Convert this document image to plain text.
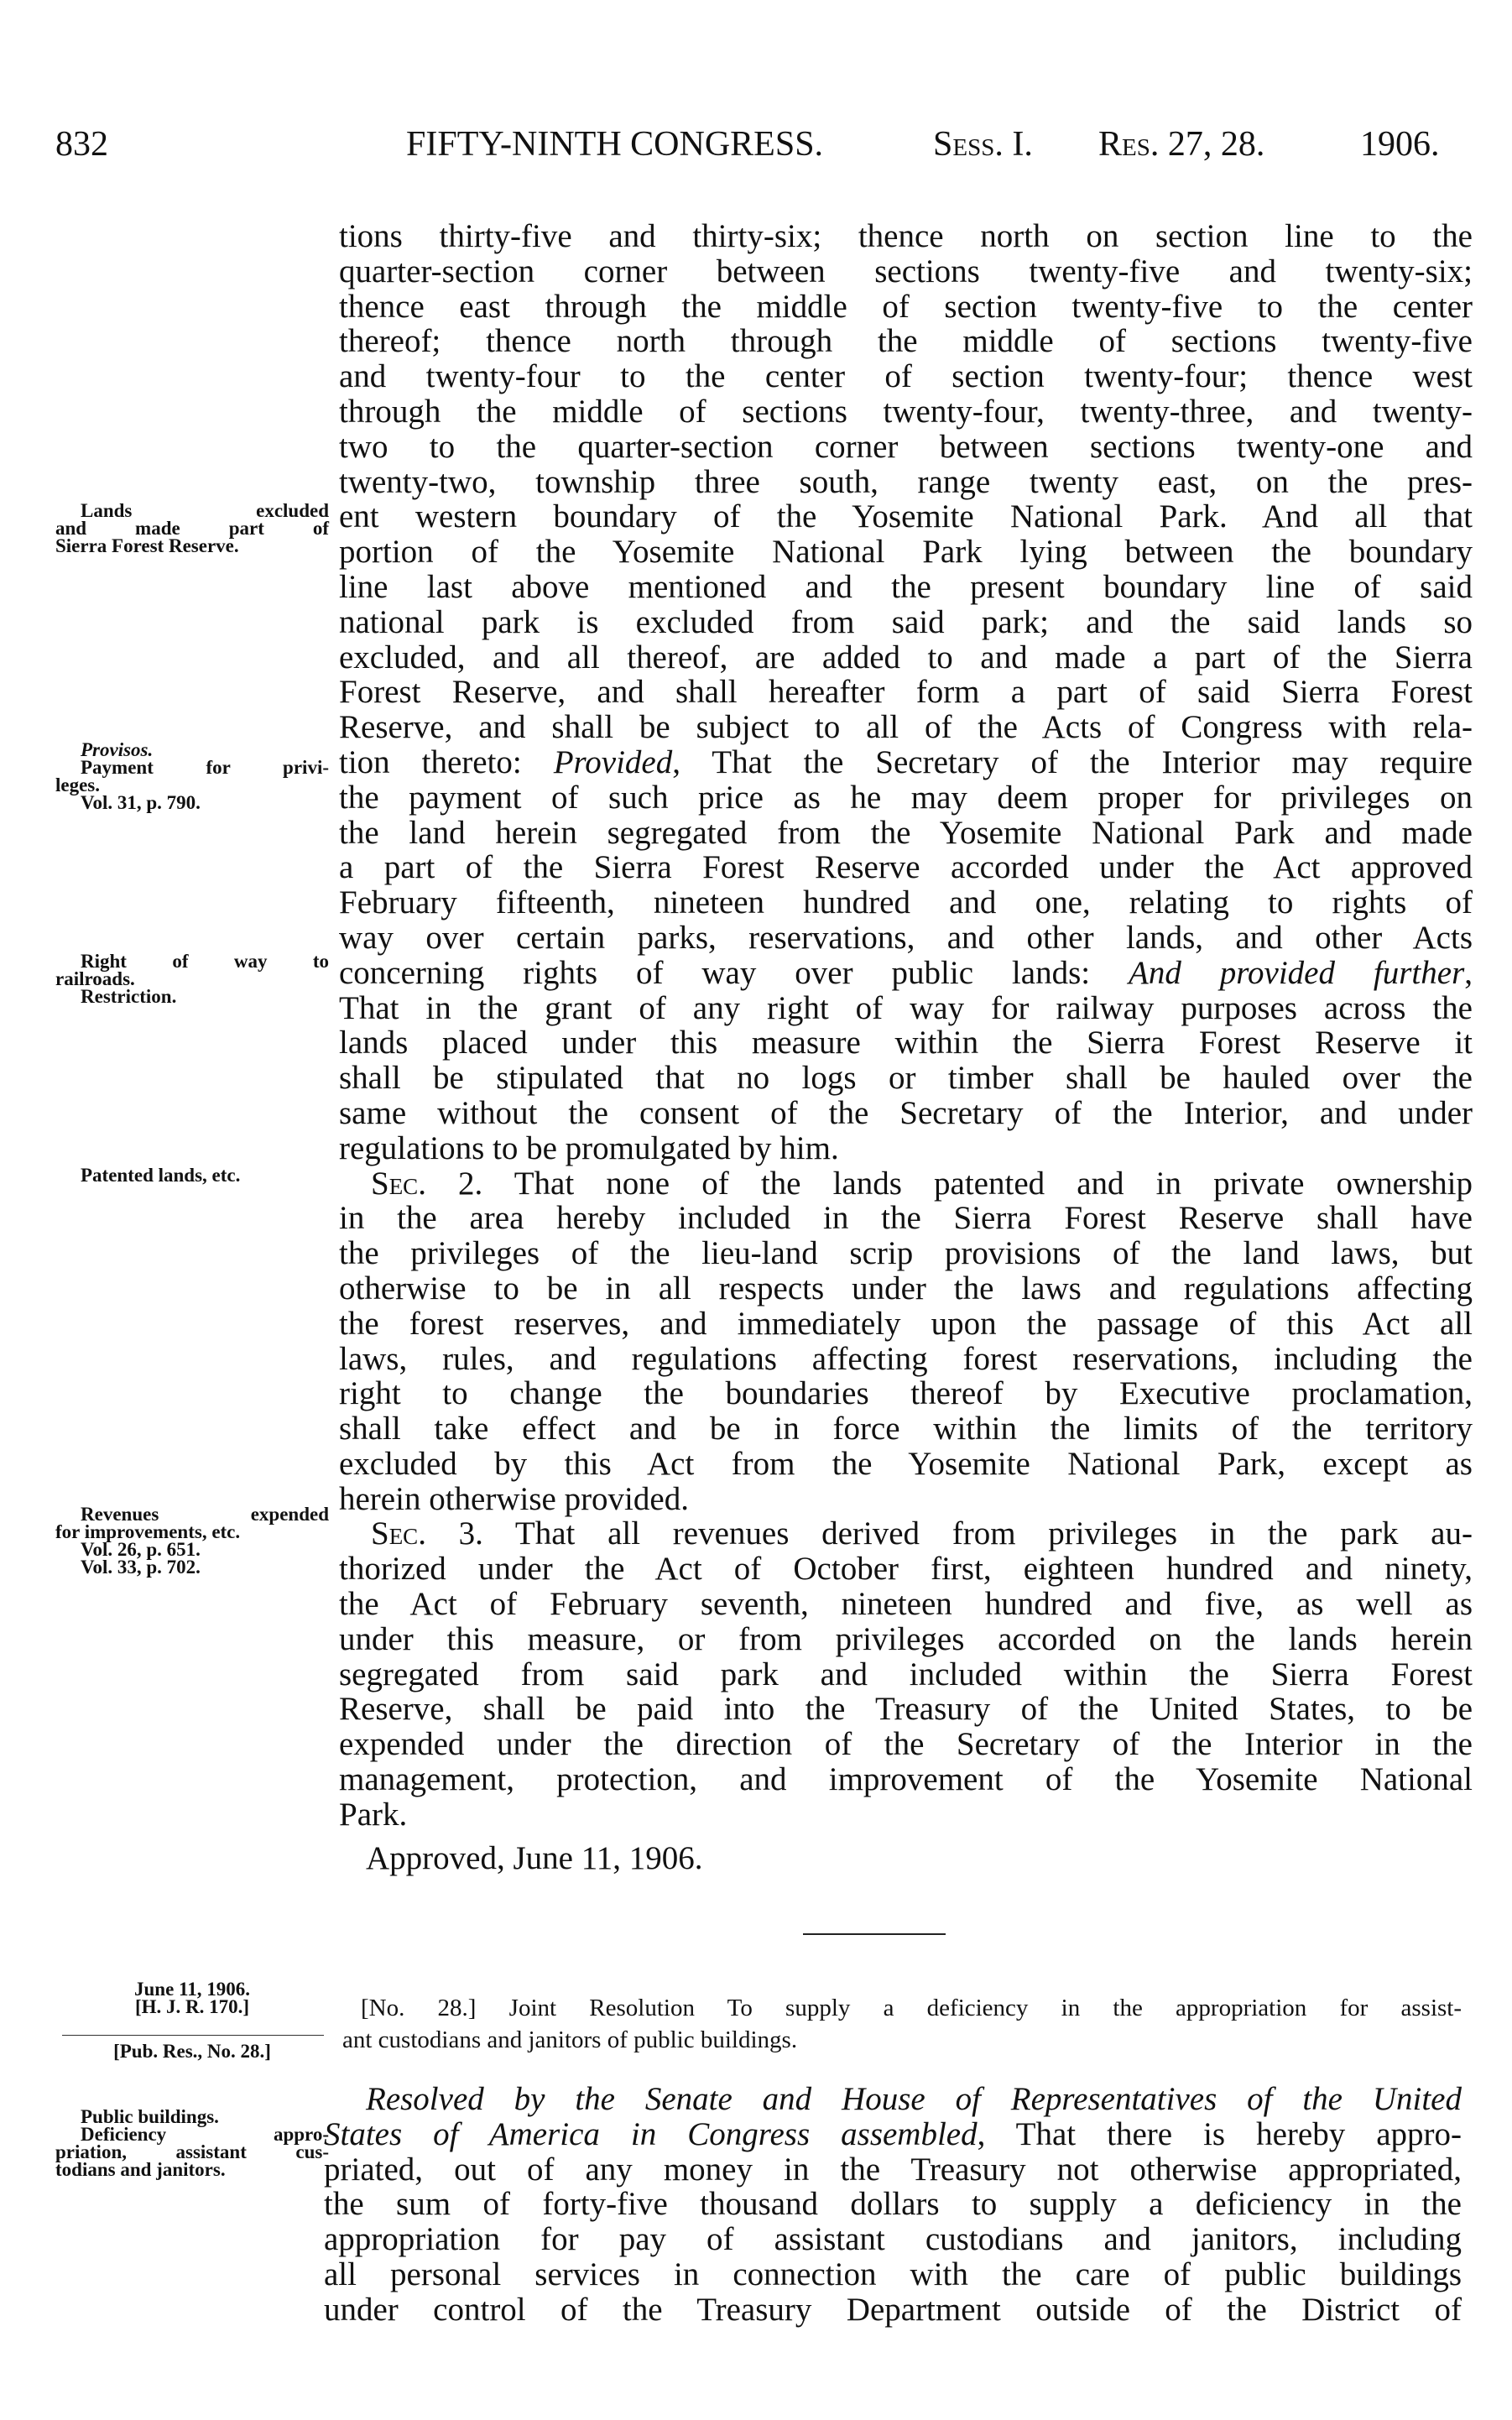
832	FIFTY-NINTH CONGRESS.	Sess. I. Res. 27, 28.	1906.
tions thirty-five and thirty-six; thence north on section line to the
quarter-section corner between sections twenty-five and twenty-six;
thence east through the middle of section twenty-five to the center
thereof; thence north through the middle of sections twenty-five
and twenty-four to the center of section twenty-four; thence west
through the middle of sections twenty-four, twenty-three, and twenty-
two to the quarter-section corner between sections twenty-one and
twenty-two, township three south, range twenty east, on the pres-
ent western boundary of the Yosemite National Park. And all that
portion of the Yosemite National Park lying between the boundary
line last above mentioned and the present boundary line of said
national park is excluded from said park; and the said lands so
excluded, and all thereof, are added to and made a part of the Sierra
Forest Reserve, and shall hereafter form a part of said Sierra Forest
Reserve, and shall be subject to all of the Acts of Congress with rela-
tion thereto: Provided, That the Secretary of the Interior may require
the payment of such price as he may deem proper for privileges on
the land herein segregated from the Yosemite National Park and made
a part of the Sierra Forest Reserve accorded under the Act approved
February fifteenth, nineteen hundred and one, relating to rights of
way over certain parks, reservations, and other lands, and other Acts
concerning rights of way over public lands: And provided further,
That in the grant of any right of way for railway purposes across the
lands placed under this measure within the Sierra Forest Reserve it
shall be stipulated that no logs or timber shall be hauled over the
same without the consent of the Secretary of the Interior, and under
regulations to be promulgated by him.
Sec. 2. That none of the lands patented and in private ownership
in the area hereby included in the Sierra Forest Reserve shall have
the privileges of the lieu-land scrip provisions of the land laws, but
otherwise to be in all respects under the laws and regulations affecting
the forest reserves, and immediately upon the passage of this Act all
laws, rules, and regulations affecting forest reservations, including the
right to change the boundaries thereof by Executive proclamation,
shall take effect and be in force within the limits of the territory
excluded by this Act from the Yosemite National Park, except as
herein otherwise provided.
Sec. 3. That all revenues derived from privileges in the park au-
thorized under the Act of October first, eighteen hundred and ninety,
the Act of February seventh, nineteen hundred and five, as well as
under this measure, or from privileges accorded on the lands herein
segregated from said park and included within the Sierra Forest
Reserve, shall be paid into the Treasury of the United States, to be
expended under the direction of the Secretary of the Interior in the
management, protection, and improvement of the Yosemite National
Park.
Approved, June 11, 1906.
[No. 28.] Joint Resolution To supply a deficiency in the appropriation for assist-
ant custodians and janitors of public buildings.
Resolved by the Senate and House of Representatives of the United
States of America in Congress assembled, That there is hereby appro-
priated, out of any money in the Treasury not otherwise appropriated,
the sum of forty-five thousand dollars to supply a deficiency in the
appropriation for pay of assistant custodians and janitors, including
all personal services in connection with the care of public buildings
under control of the Treasury Department outside of the District of
Lands excluded
and made part of
Sierra Forest Reserve.
Provisos.
Payment for privi-
leges.
Vol. 31, p. 790.
Right of way to
railroads.
Restriction.
Patented lands, etc.
Revenues expended
for improvements, etc.
Vol. 26, p. 651.
Vol. 33, p. 702.
June 11, 1906.
[H. J. R. 170.]
[Pub. Res., No. 28.]
Public buildings.
Deficiency appro-
priation, assistant cus-
todians and janitors.
